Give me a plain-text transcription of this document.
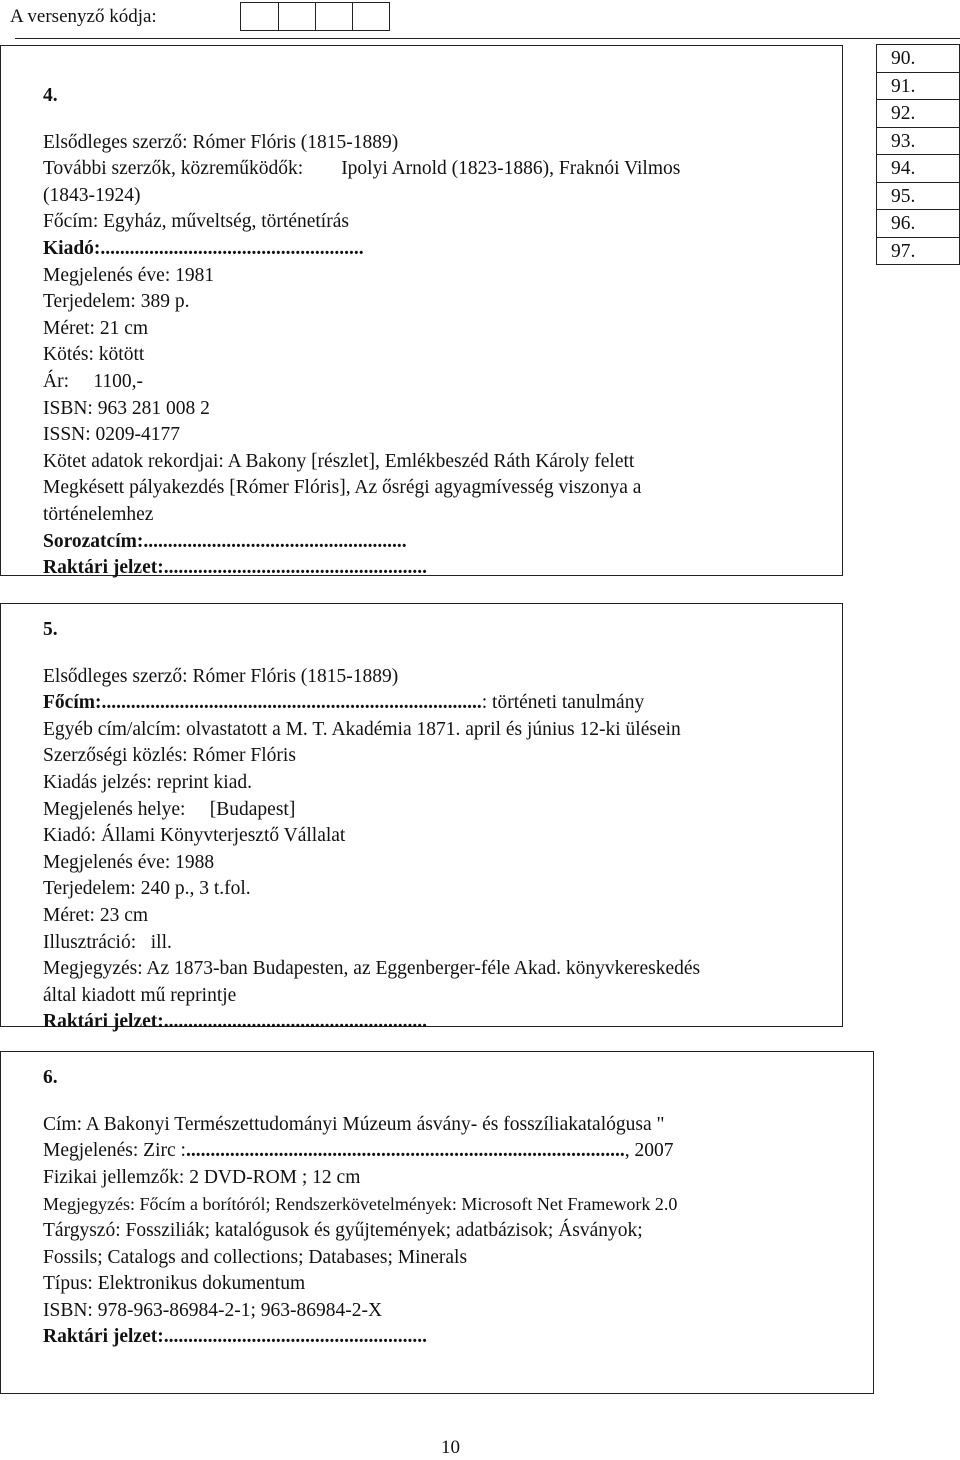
A versenyző kódja:
4.
Elsődleges szerző: Rómer Flóris (1815-1889)
További szerzők, közreműködők: Ipolyi Arnold (1823-1886), Fraknói Vilmos
(1843-1924)
Főcím: Egyház, műveltség, történetírás
Kiadó:......................................................
Megjelenés éve: 1981
Terjedelem: 389 p.
Méret: 21 cm
Kötés: kötött
Ár:     1100,-
ISBN: 963 281 008 2
ISSN: 0209-4177
Kötet adatok rekordjai: A Bakony [részlet], Emlékbeszéd Ráth Károly felett
Megkésett pályakezdés [Rómer Flóris], Az ősrégi agyagmívesség viszonya a
történelemhez
Sorozatcím:......................................................
Raktári jelzet:......................................................
90.
91.
92.
93.
94.
95.
96.
97.
5.
Elsődleges szerző: Rómer Flóris (1815-1889)
Főcím:..............................................................................: történeti tanulmány
Egyéb cím/alcím: olvastatott a M. T. Akadémia 1871. april és június 12-ki ülésein
Szerzőségi közlés: Rómer Flóris
Kiadás jelzés: reprint kiad.
Megjelenés helye:     [Budapest]
Kiadó: Állami Könyvterjesztő Vállalat
Megjelenés éve: 1988
Terjedelem: 240 p., 3 t.fol.
Méret: 23 cm
Illusztráció:   ill.
Megjegyzés: Az 1873-ban Budapesten, az Eggenberger-féle Akad. könyvkereskedés
által kiadott mű reprintje
Raktári jelzet:......................................................
6.
Cím: A Bakonyi Természettudományi Múzeum ásvány- és fosszíliakatalógusa "
Megjelenés: Zirc :.........................................................................................., 2007
Fizikai jellemzők: 2 DVD-ROM ; 12 cm
Megjegyzés: Főcím a borítóról; Rendszerkövetelmények: Microsoft Net Framework 2.0
Tárgyszó: Fossziliák; katalógusok és gyűjtemények; adatbázisok; Ásványok;
Fossils; Catalogs and collections; Databases; Minerals
Típus: Elektronikus dokumentum
ISBN: 978-963-86984-2-1; 963-86984-2-X
Raktári jelzet:......................................................
10
